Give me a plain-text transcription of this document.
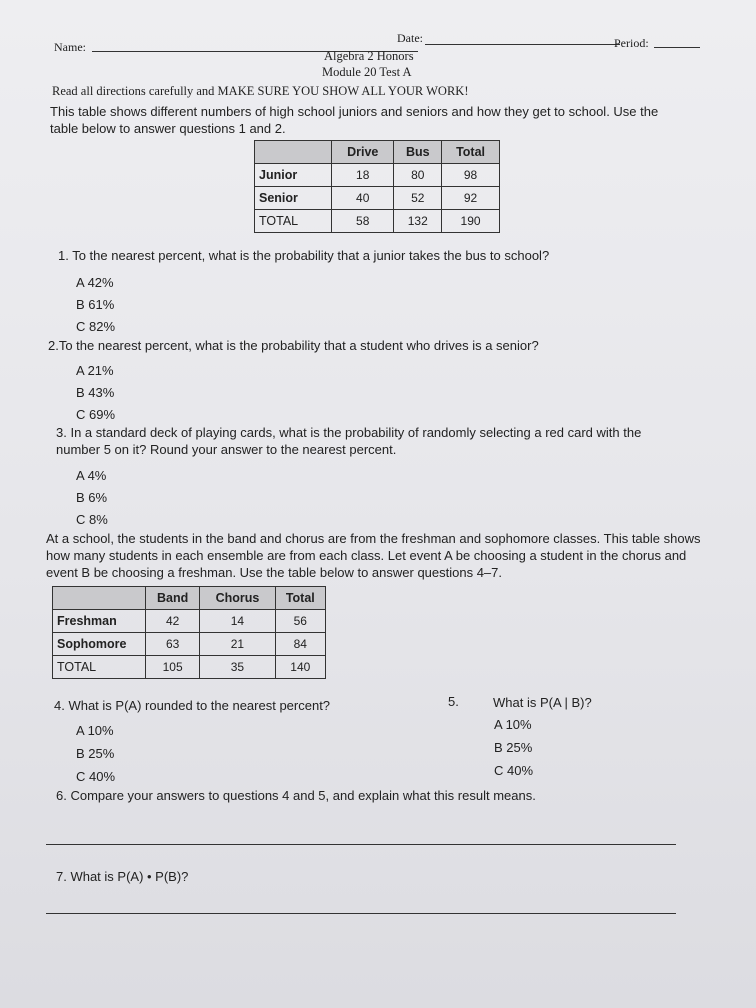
Name:
Date:	Period:
Algebra 2 Honors
Module 20 Test A
Read all directions carefully and MAKE SURE YOU SHOW ALL YOUR WORK!
This table shows different numbers of high school juniors and seniors and how they get to school. Use the table below to answer questions 1 and 2.
	Drive	Bus	Total
Junior	18	80	98
Senior	40	52	92
TOTAL	58	132	190
1. To the nearest percent, what is the probability that a junior takes the bus to school?
A 42%
B 61%
C 82%
2.To the nearest percent, what is the probability that a student who drives is a senior?
A 21%
B 43%
C 69%
3. In a standard deck of playing cards, what is the probability of randomly selecting a red card with the number 5 on it? Round your answer to the nearest percent.
A 4%
B 6%
C 8%
At a school, the students in the band and chorus are from the freshman and sophomore classes. This table shows how many students in each ensemble are from each class. Let event A be choosing a student in the chorus and event B be choosing a freshman. Use the table below to answer questions 4–7.
	Band	Chorus	Total
Freshman	42	14	56
Sophomore	63	21	84
TOTAL	105	35	140
4. What is P(A) rounded to the nearest percent?
A 10%
B 25%
C 40%
5.	What is P(A | B)?
A 10%
B 25%
C 40%
6. Compare your answers to questions 4 and 5, and explain what this result means.
7. What is P(A) • P(B)?
